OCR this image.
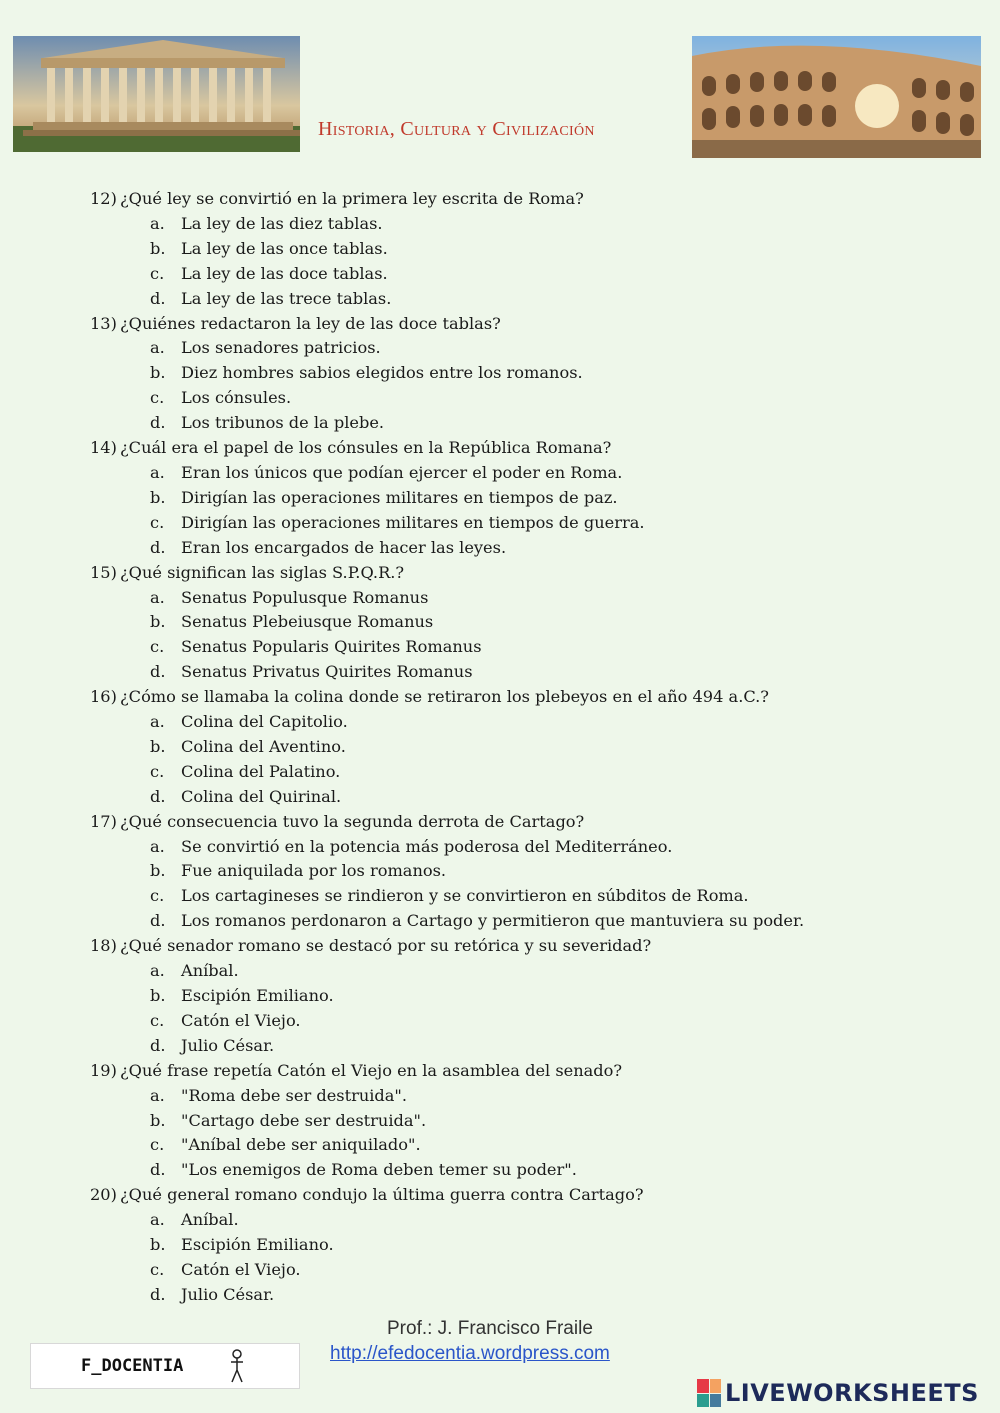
Historia, Cultura y Civilización
12) ¿Qué ley se convirtió en la primera ley escrita de Roma?
a. La ley de las diez tablas.
b. La ley de las once tablas.
c. La ley de las doce tablas.
d. La ley de las trece tablas.
13) ¿Quiénes redactaron la ley de las doce tablas?
a. Los senadores patricios.
b. Diez hombres sabios elegidos entre los romanos.
c. Los cónsules.
d. Los tribunos de la plebe.
14) ¿Cuál era el papel de los cónsules en la República Romana?
a. Eran los únicos que podían ejercer el poder en Roma.
b. Dirigían las operaciones militares en tiempos de paz.
c. Dirigían las operaciones militares en tiempos de guerra.
d. Eran los encargados de hacer las leyes.
15) ¿Qué significan las siglas S.P.Q.R.?
a. Senatus Populusque Romanus
b. Senatus Plebeiusque Romanus
c. Senatus Popularis Quirites Romanus
d. Senatus Privatus Quirites Romanus
16) ¿Cómo se llamaba la colina donde se retiraron los plebeyos en el año 494 a.C.?
a. Colina del Capitolio.
b. Colina del Aventino.
c. Colina del Palatino.
d. Colina del Quirinal.
17) ¿Qué consecuencia tuvo la segunda derrota de Cartago?
a. Se convirtió en la potencia más poderosa del Mediterráneo.
b. Fue aniquilada por los romanos.
c. Los cartagineses se rindieron y se convirtieron en súbditos de Roma.
d. Los romanos perdonaron a Cartago y permitieron que mantuviera su poder.
18) ¿Qué senador romano se destacó por su retórica y su severidad?
a. Aníbal.
b. Escipión Emiliano.
c. Catón el Viejo.
d. Julio César.
19) ¿Qué frase repetía Catón el Viejo en la asamblea del senado?
a. "Roma debe ser destruida".
b. "Cartago debe ser destruida".
c. "Aníbal debe ser aniquilado".
d. "Los enemigos de Roma deben temer su poder".
20) ¿Qué general romano condujo la última guerra contra Cartago?
a. Aníbal.
b. Escipión Emiliano.
c. Catón el Viejo.
d. Julio César.
Prof.: J. Francisco Fraile
http://efedocentia.wordpress.com
F_DOCENTIA
LIVEWORKSHEETS
